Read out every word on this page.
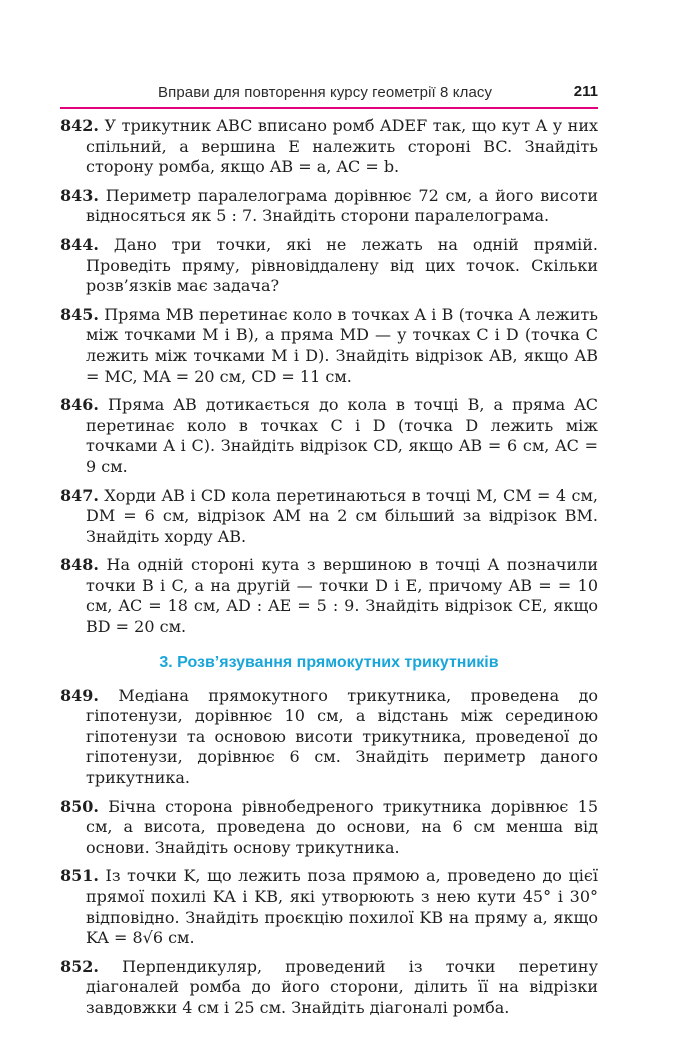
Вправи для повторення курсу геометрії 8 класу	211

842. У трикутник ABC вписано ромб ADEF так, що кут A у них спільний, а вершина E належить стороні BC. Знайдіть сторону ромба, якщо AB = a, AC = b.

843. Периметр паралелограма дорівнює 72 см, а його висоти відносяться як 5 : 7. Знайдіть сторони паралелограма.

844. Дано три точки, які не лежать на одній прямій. Проведіть пряму, рівновіддалену від цих точок. Скільки розв’язків має задача?

845. Пряма MB перетинає коло в точках A і B (точка A лежить між точками M і B), а пряма MD — у точках C і D (точка C лежить між точками M і D). Знайдіть відрізок AB, якщо AB = MC, MA = 20 см, CD = 11 см.

846. Пряма AB дотикається до кола в точці B, а пряма AC перетинає коло в точках C і D (точка D лежить між точками A і C). Знайдіть відрізок CD, якщо AB = 6 см, AC = 9 см.

847. Хорди AB і CD кола перетинаються в точці M, CM = 4 см, DM = 6 см, відрізок AM на 2 см більший за відрізок BM. Знайдіть хорду AB.

848. На одній стороні кута з вершиною в точці A позначили точки B і C, а на другій — точки D і E, причому AB = = 10 см, AC = 18 см, AD : AE = 5 : 9. Знайдіть відрізок CE, якщо BD = 20 см.

3. Розв’язування прямокутних трикутників

849. Медіана прямокутного трикутника, проведена до гіпотенузи, дорівнює 10 см, а відстань між серединою гіпотенузи та основою висоти трикутника, проведеної до гіпотенузи, дорівнює 6 см. Знайдіть периметр даного трикутника.

850. Бічна сторона рівнобедреного трикутника дорівнює 15 см, а висота, проведена до основи, на 6 см менша від основи. Знайдіть основу трикутника.

851. Із точки K, що лежить поза прямою a, проведено до цієї прямої похилі KA і KB, які утворюють з нею кути 45° і 30° відповідно. Знайдіть проєкцію похилої KB на пряму a, якщо KA = 8√6 см.

852. Перпендикуляр, проведений із точки перетину діагоналей ромба до його сторони, ділить її на відрізки завдовжки 4 см і 25 см. Знайдіть діагоналі ромба.
